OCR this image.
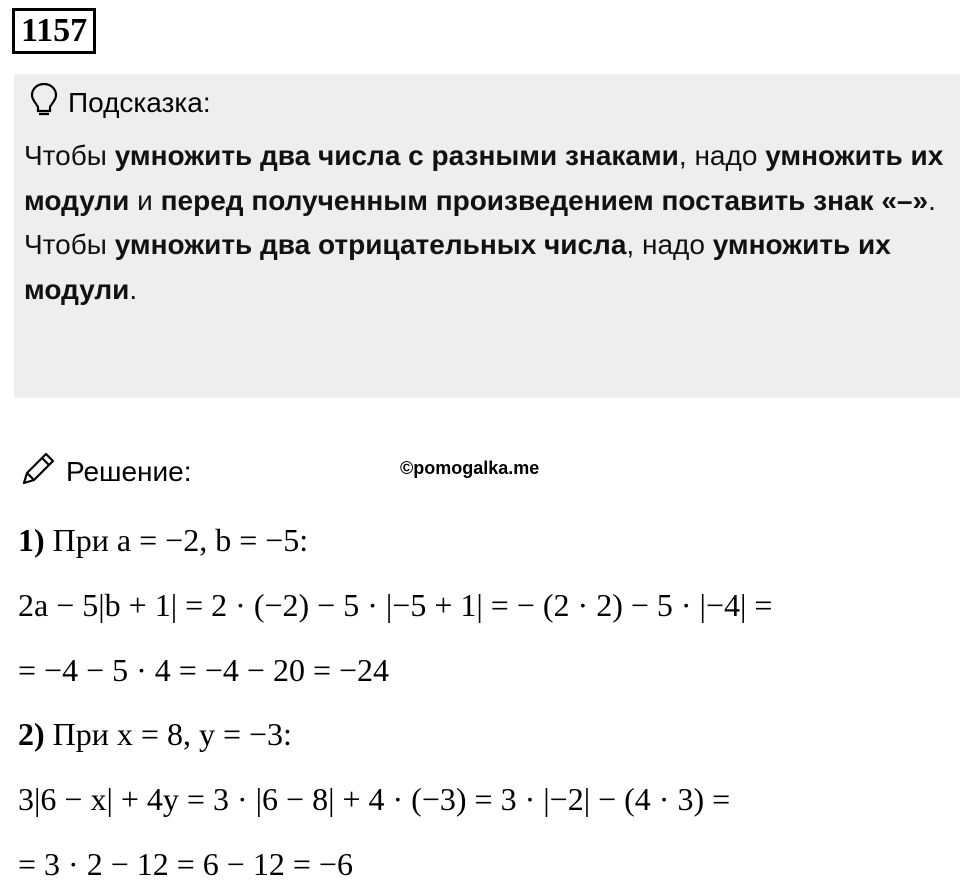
1157
Подсказка:

Чтобы умножить два числа с разными знаками, надо умножить их модули и перед полученным произведением поставить знак «–».

Чтобы умножить два отрицательных числа, надо умножить их модули.

Решение:	©pomogalka.me
1) При a = −2, b = −5:
2a − 5|b + 1| = 2 · (−2) − 5 · |−5 + 1| = − (2 · 2) − 5 · |−4| =
= −4 − 5 · 4 = −4 − 20 = −24
2) При x = 8, y = −3:
3|6 − x| + 4y = 3 · |6 − 8| + 4 · (−3) = 3 · |−2| − (4 · 3) =
= 3 · 2 − 12 = 6 − 12 = −6
